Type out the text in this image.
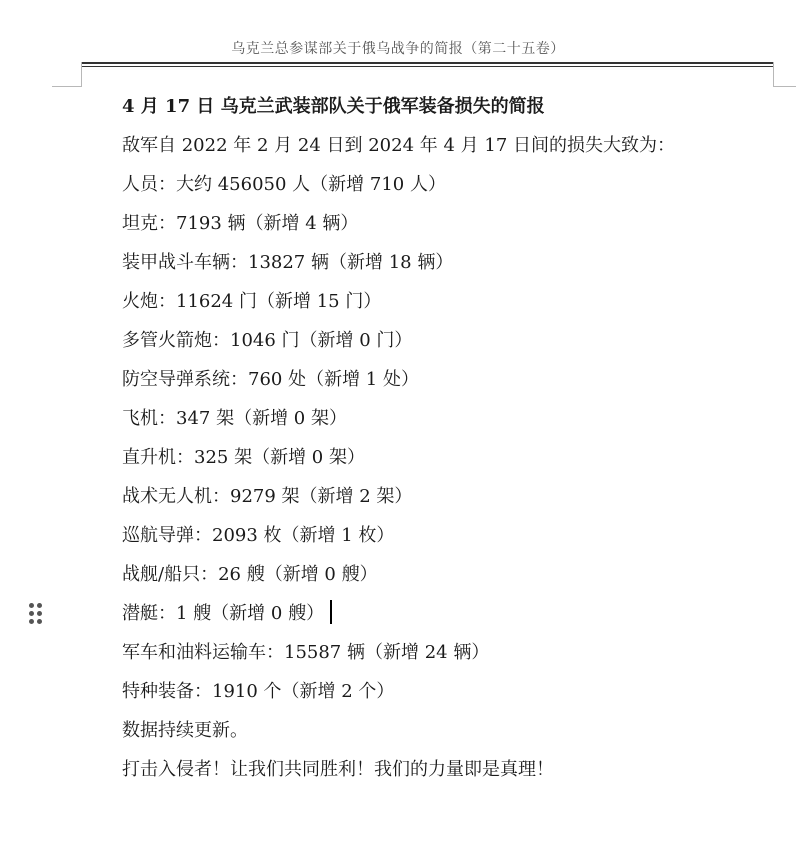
乌克兰总参谋部关于俄乌战争的简报（第二十五卷）
4 月 17 日 乌克兰武装部队关于俄军装备损失的简报
敌军自 2022 年 2 月 24 日到 2024 年 4 月 17 日间的损失大致为：
人员：大约 456050 人（新增 710 人）
坦克：7193 辆（新增 4 辆）
装甲战斗车辆：13827 辆（新增 18 辆）
火炮：11624 门（新增 15 门）
多管火箭炮：1046 门（新增 0 门）
防空导弹系统：760 处（新增 1 处）
飞机：347 架（新增 0 架）
直升机：325 架（新增 0 架）
战术无人机：9279 架（新增 2 架）
巡航导弹：2093 枚（新增 1 枚）
战舰/船只：26 艘（新增 0 艘）
潜艇：1 艘（新增 0 艘）
军车和油料运输车：15587 辆（新增 24 辆）
特种装备：1910 个（新增 2 个）
数据持续更新。
打击入侵者！让我们共同胜利！我们的力量即是真理！
